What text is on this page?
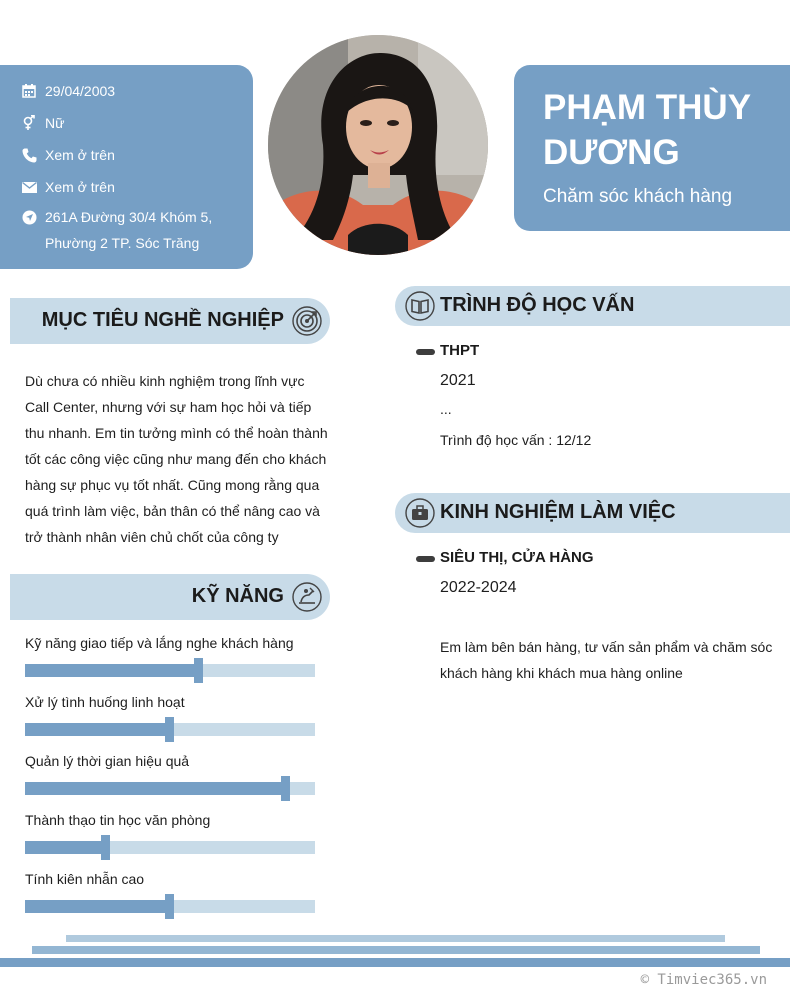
29/04/2003
Nữ
Xem ở trên
Xem ở trên
261A Đường 30/4 Khóm 5, Phường 2 TP. Sóc Trăng
PHẠM THÙY DƯƠNG
Chăm sóc khách hàng
MỤC TIÊU NGHỀ NGHIỆP
Dù chưa có nhiều kinh nghiệm trong lĩnh vực Call Center, nhưng với sự ham học hỏi và tiếp thu nhanh. Em tin tưởng mình có thể hoàn thành tốt các công việc cũng như mang đến cho khách hàng sự phục vụ tốt nhất. Cũng mong rằng qua quá trình làm việc, bản thân có thể nâng cao và trở thành nhân viên chủ chốt của công ty
KỸ NĂNG
Kỹ năng giao tiếp và lắng nghe khách hàng
Xử lý tình huống linh hoạt
Quản lý thời gian hiệu quả
Thành thạo tin học văn phòng
Tính kiên nhẫn cao
TRÌNH ĐỘ HỌC VẤN
THPT
2021
...
Trình độ học vấn : 12/12
KINH NGHIỆM LÀM VIỆC
SIÊU THỊ, CỬA HÀNG
2022-2024
Em làm bên bán hàng, tư vấn sản phẩm và chăm sóc khách hàng khi khách mua hàng online
© Timviec365.vn
